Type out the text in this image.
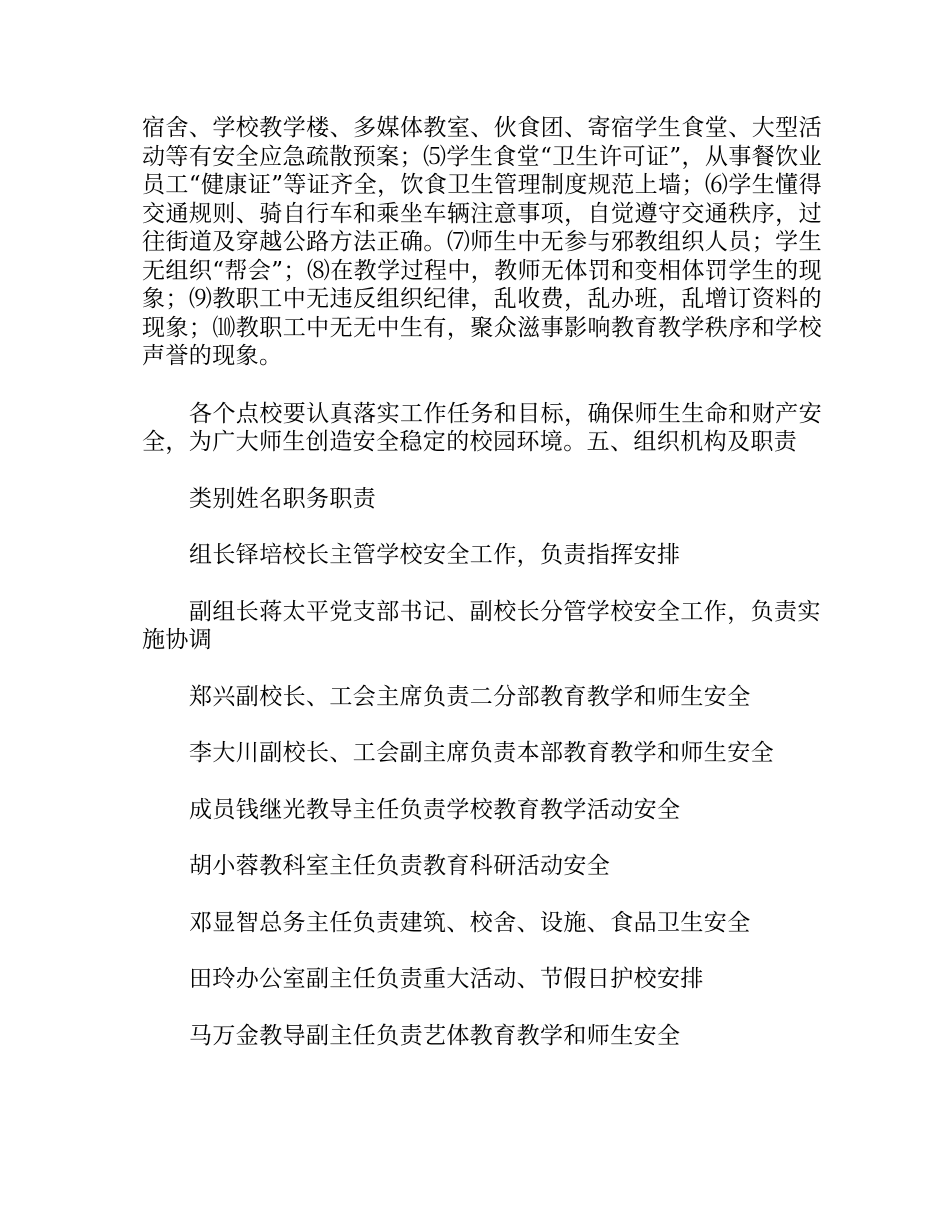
宿舍、学校教学楼、多媒体教室、伙食团、寄宿学生食堂、大型活动等有安全应急疏散预案；⑸学生食堂“卫生许可证”，从事餐饮业员工“健康证”等证齐全，饮食卫生管理制度规范上墙；⑹学生懂得交通规则、骑自行车和乘坐车辆注意事项，自觉遵守交通秩序，过往街道及穿越公路方法正确。⑺师生中无参与邪教组织人员；学生无组织“帮会”；⑻在教学过程中，教师无体罚和变相体罚学生的现象；⑼教职工中无违反组织纪律，乱收费，乱办班，乱增订资料的现象；⑽教职工中无无中生有，聚众滋事影响教育教学秩序和学校声誉的现象。

各个点校要认真落实工作任务和目标，确保师生生命和财产安全，为广大师生创造安全稳定的校园环境。五、组织机构及职责

类别姓名职务职责

组长铎培校长主管学校安全工作，负责指挥安排

副组长蒋太平党支部书记、副校长分管学校安全工作，负责实施协调

郑兴副校长、工会主席负责二分部教育教学和师生安全

李大川副校长、工会副主席负责本部教育教学和师生安全

成员钱继光教导主任负责学校教育教学活动安全

胡小蓉教科室主任负责教育科研活动安全

邓显智总务主任负责建筑、校舍、设施、食品卫生安全

田玲办公室副主任负责重大活动、节假日护校安排

马万金教导副主任负责艺体教育教学和师生安全
